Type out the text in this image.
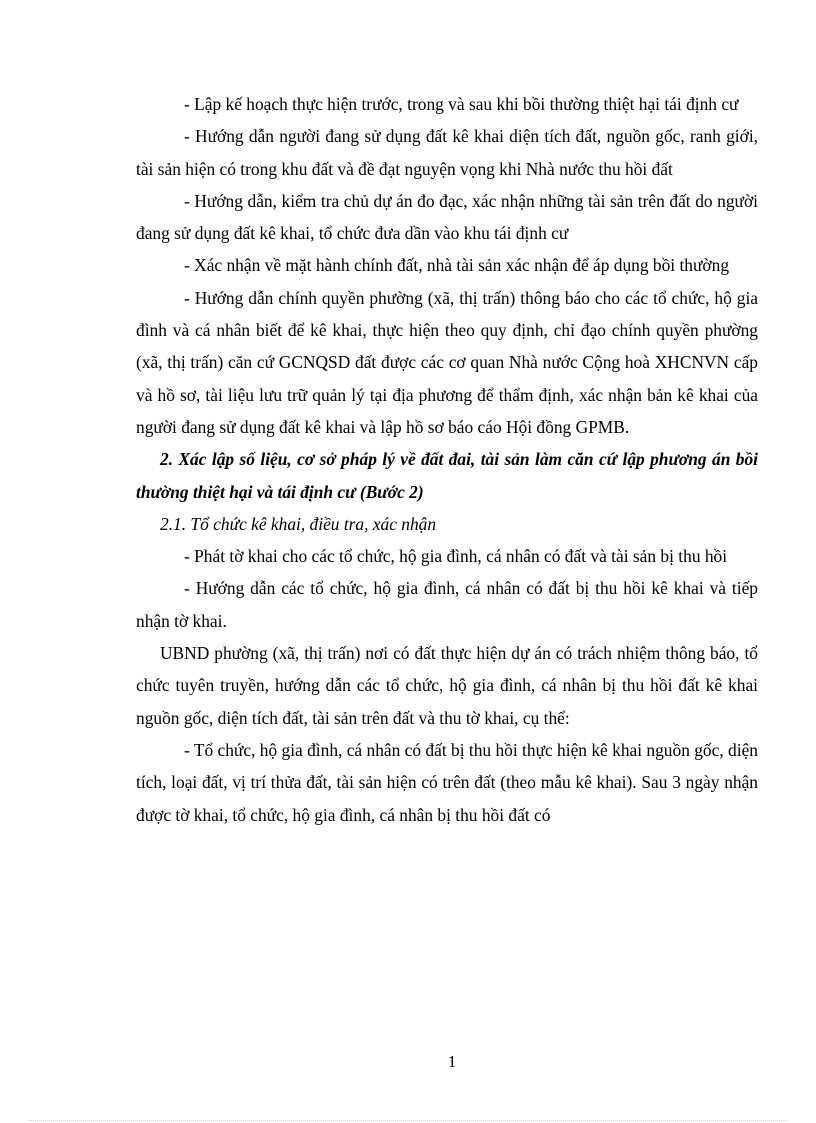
- Lập kế hoạch thực hiện trước, trong và sau khi bồi thường thiệt hại tái định cư

- Hướng dẫn người đang sử dụng đất kê khai diện tích đất, nguồn gốc, ranh giới, tài sản hiện có trong khu đất và đề đạt nguyện vọng khi Nhà nước thu hồi đất

- Hướng dẫn, kiểm tra chủ dự án đo đạc, xác nhận những tài sản trên đất do người đang sử dụng đất kê khai, tổ chức đưa dần vào khu tái định cư

- Xác nhận về mặt hành chính đất, nhà tài sản xác nhận để áp dụng bồi thường

- Hướng dẫn chính quyền phường (xã, thị trấn) thông báo cho các tổ chức, hộ gia đình và cá nhân biết để kê khai, thực hiện theo quy định, chỉ đạo chính quyền phường (xã, thị trấn) căn cứ GCNQSD đất được các cơ quan Nhà nước Cộng hoà XHCNVN cấp và hồ sơ, tài liệu lưu trữ quản lý tại địa phương để thẩm định, xác nhận bản kê khai của người đang sử dụng đất kê khai và lập hồ sơ báo cáo Hội đồng GPMB.

2. Xác lập số liệu, cơ sở pháp lý về đất đai, tài sản làm căn cứ lập phương án bồi thường thiệt hại và tái định cư (Bước 2)

2.1. Tổ chức kê khai, điều tra, xác nhận

- Phát tờ khai cho các tổ chức, hộ gia đình, cá nhân có đất và tài sản bị thu hồi

- Hướng dẫn các tổ chức, hộ gia đình, cá nhân có đất bị thu hồi kê khai và tiếp nhận tờ khai.

UBND phường (xã, thị trấn) nơi có đất thực hiện dự án có trách nhiệm thông báo, tổ chức tuyên truyền, hướng dẫn các tổ chức, hộ gia đình, cá nhân bị thu hồi đất kê khai nguồn gốc, diện tích đất, tài sản trên đất và thu tờ khai, cụ thể:

- Tổ chức, hộ gia đình, cá nhân có đất bị thu hồi thực hiện kê khai nguồn gốc, diện tích, loại đất, vị trí thửa đất, tài sản hiện có trên đất (theo mẫu kê khai). Sau 3 ngày nhận được tờ khai, tổ chức, hộ gia đình, cá nhân bị thu hồi đất có

1
